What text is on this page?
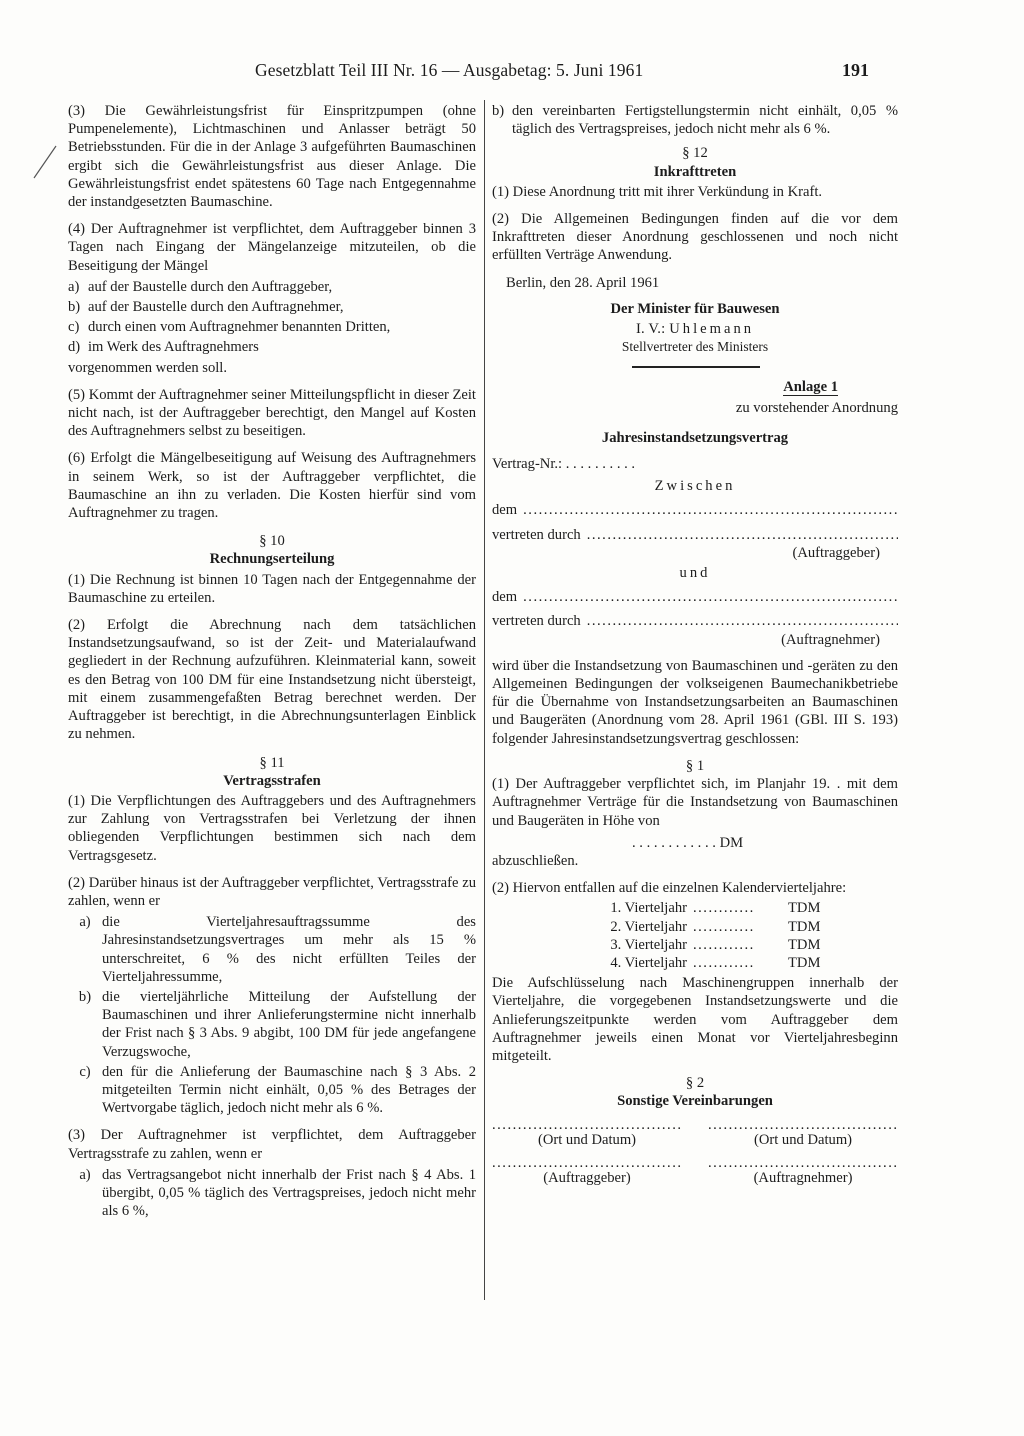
Gesetzblatt Teil III Nr. 16 — Ausgabetag: 5. Juni 1961	191

(3) Die Gewährleistungsfrist für Einspritzpumpen (ohne Pumpenelemente), Lichtmaschinen und Anlasser beträgt 50 Betriebsstunden. Für die in der Anlage 3 aufgeführten Baumaschinen ergibt sich die Gewährleistungsfrist aus dieser Anlage. Die Gewährleistungsfrist endet spätestens 60 Tage nach Entgegennahme der instandgesetzten Baumaschine.

(4) Der Auftragnehmer ist verpflichtet, dem Auftraggeber binnen 3 Tagen nach Eingang der Mängelanzeige mitzuteilen, ob die Beseitigung der Mängel

a) auf der Baustelle durch den Auftraggeber,
b) auf der Baustelle durch den Auftragnehmer,
c) durch einen vom Auftragnehmer benannten Dritten,
d) im Werk des Auftragnehmers

vorgenommen werden soll.

(5) Kommt der Auftragnehmer seiner Mitteilungspflicht in dieser Zeit nicht nach, ist der Auftraggeber berechtigt, den Mangel auf Kosten des Auftragnehmers selbst zu beseitigen.

(6) Erfolgt die Mängelbeseitigung auf Weisung des Auftragnehmers in seinem Werk, so ist der Auftraggeber verpflichtet, die Baumaschine an ihn zu verladen. Die Kosten hierfür sind vom Auftragnehmer zu tragen.

§ 10
Rechnungserteilung

(1) Die Rechnung ist binnen 10 Tagen nach der Entgegennahme der Baumaschine zu erteilen.

(2) Erfolgt die Abrechnung nach dem tatsächlichen Instandsetzungsaufwand, so ist der Zeit- und Materialaufwand gegliedert in der Rechnung aufzuführen. Kleinmaterial kann, soweit es den Betrag von 100 DM für eine Instandsetzung nicht übersteigt, mit einem zusammengefaßten Betrag berechnet werden. Der Auftraggeber ist berechtigt, in die Abrechnungsunterlagen Einblick zu nehmen.

§ 11
Vertragsstrafen

(1) Die Verpflichtungen des Auftraggebers und des Auftragnehmers zur Zahlung von Vertragsstrafen bei Verletzung der ihnen obliegenden Verpflichtungen bestimmen sich nach dem Vertragsgesetz.

(2) Darüber hinaus ist der Auftraggeber verpflichtet, Vertragsstrafe zu zahlen, wenn er

a) die Vierteljahresauftragssumme des Jahresinstandsetzungsvertrages um mehr als 15 % unterschreitet, 6 % des nicht erfüllten Teiles der Vierteljahressumme,
b) die vierteljährliche Mitteilung der Aufstellung der Baumaschinen und ihrer Anlieferungstermine nicht innerhalb der Frist nach § 3 Abs. 9 abgibt, 100 DM für jede angefangene Verzugswoche,
c) den für die Anlieferung der Baumaschine nach § 3 Abs. 2 mitgeteilten Termin nicht einhält, 0,05 % des Betrages der Wertvorgabe täglich, jedoch nicht mehr als 6 %.

(3) Der Auftragnehmer ist verpflichtet, dem Auftraggeber Vertragsstrafe zu zahlen, wenn er

a) das Vertragsangebot nicht innerhalb der Frist nach § 4 Abs. 1 übergibt, 0,05 % täglich des Vertragspreises, jedoch nicht mehr als 6 %,
b) den vereinbarten Fertigstellungstermin nicht einhält, 0,05 % täglich des Vertragspreises, jedoch nicht mehr als 6 %.
§ 12
Inkrafttreten

(1) Diese Anordnung tritt mit ihrer Verkündung in Kraft.

(2) Die Allgemeinen Bedingungen finden auf die vor dem Inkrafttreten dieser Anordnung geschlossenen und noch nicht erfüllten Verträge Anwendung.

Berlin, den 28. April 1961
Der Minister für Bauwesen
I. V.: Uhlemann
Stellvertreter des Ministers
Anlage 1
zu vorstehender Anordnung
Jahresinstandsetzungsvertrag
Vertrag-Nr.: . . . . . . . . . .
Zwischen
dem
.....
vertreten durch
.....
(Auftraggeber)
und
dem
.....
vertreten durch
.....
(Auftragnehmer)

wird über die Instandsetzung von Baumaschinen und -geräten zu den Allgemeinen Bedingungen der volkseigenen Baumechanikbetriebe für die Übernahme von Instandsetzungsarbeiten an Baumaschinen und Baugeräten (Anordnung vom 28. April 1961 (GBl. III S. 193) folgender Jahresinstandsetzungsvertrag geschlossen:

§ 1

(1) Der Auftraggeber verpflichtet sich, im Planjahr 19. . mit dem Auftragnehmer Verträge für die Instandsetzung von Baumaschinen und Baugeräten in Höhe von

. . . . . . . . . . . . DM

abzuschließen.

(2) Hiervon entfallen auf die einzelnen Kalendervierteljahre:

1. Vierteljahr ............	TDM
2. Vierteljahr ............	TDM
3. Vierteljahr ............	TDM
4. Vierteljahr ............	TDM

Die Aufschlüsselung nach Maschinengruppen innerhalb der Vierteljahre, die vorgegebenen Instandsetzungswerte und die Anlieferungszeitpunkte werden vom Auftraggeber dem Auftragnehmer jeweils einen Monat vor Vierteljahresbeginn mitgeteilt.

§ 2
Sonstige Vereinbarungen
.....................................
(Ort und Datum)
.....................................
(Ort und Datum)
.....................................
(Auftraggeber)
.....................................
(Auftragnehmer)
